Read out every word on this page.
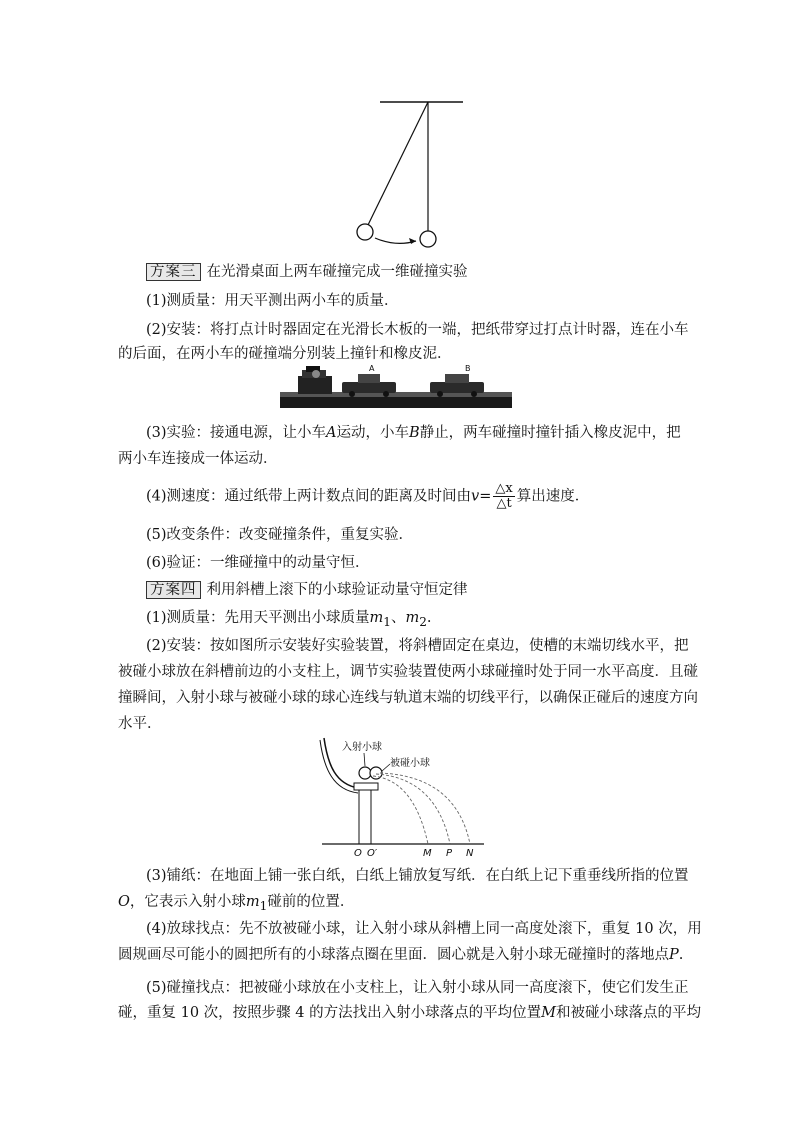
方案三 在光滑桌面上两车碰撞完成一维碰撞实验
(1)测质量：用天平测出两小车的质量．
(2)安装：将打点计时器固定在光滑长木板的一端，把纸带穿过打点计时器，连在小车
的后面，在两小车的碰撞端分别装上撞针和橡皮泥．
A	B
(3)实验：接通电源，让小车A运动，小车B静止，两车碰撞时撞针插入橡皮泥中，把
两小车连接成一体运动．
(4)测速度：通过纸带上两计数点间的距离及时间由$v= \frac{\triangle x}{\triangle t}$ 算出速度．
(5)改变条件：改变碰撞条件，重复实验．
(6)验证：一维碰撞中的动量守恒．
方案四 利用斜槽上滚下的小球验证动量守恒定律
(1)测质量：先用天平测出小球质量$m_1$、$m_2$.
(2)安装：按如图所示安装好实验装置，将斜槽固定在桌边，使槽的末端切线水平，把
被碰小球放在斜槽前边的小支柱上，调节实验装置使两小球碰撞时处于同一水平高度．且碰
撞瞬间，入射小球与被碰小球的球心连线与轨道末端的切线平行，以确保正碰后的速度方向
水平．
入射小球
被碰小球
O O′	M P N
(3)铺纸：在地面上铺一张白纸，白纸上铺放复写纸．在白纸上记下重垂线所指的位置
O，它表示入射小球$m_1$碰前的位置．
(4)放球找点：先不放被碰小球，让入射小球从斜槽上同一高度处滚下，重复 10 次，用
圆规画尽可能小的圆把所有的小球落点圈在里面．圆心就是入射小球无碰撞时的落地点P.
(5)碰撞找点：把被碰小球放在小支柱上，让入射小球从同一高度滚下，使它们发生正
碰，重复 10 次，按照步骤 4 的方法找出入射小球落点的平均位置M和被碰小球落点的平均
